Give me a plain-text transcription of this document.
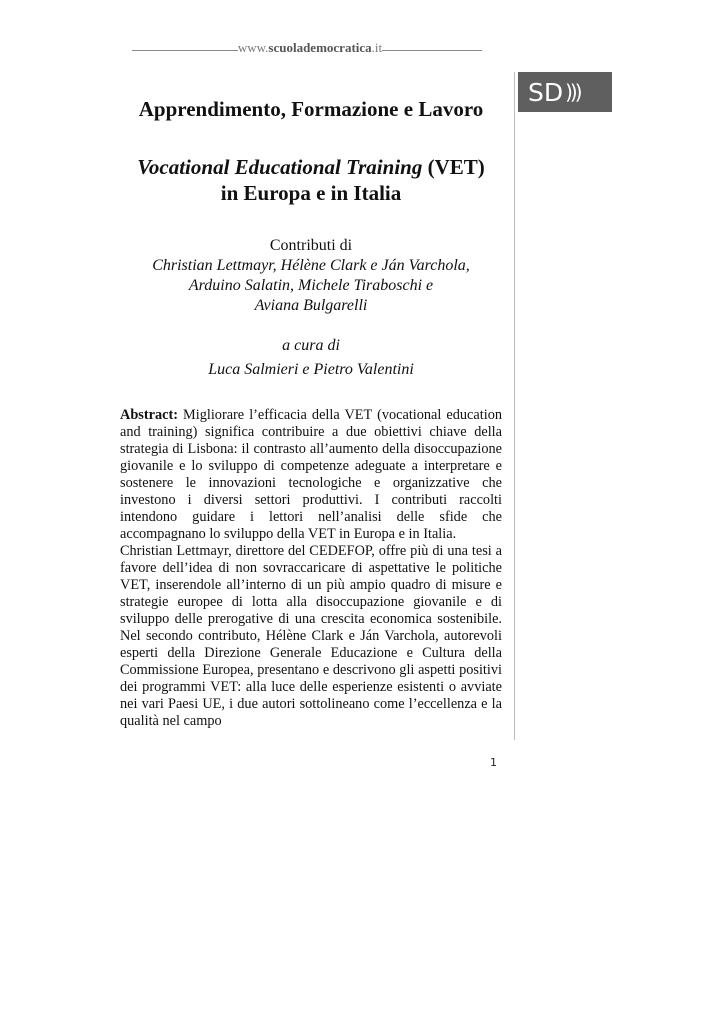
www.scuolademocratica.it
SD )))
Apprendimento, Formazione e Lavoro
Vocational Educational Training (VET)
in Europa e in Italia
Contributi di
Christian Lettmayr, Hélène Clark e Ján Varchola,
Arduino Salatin, Michele Tiraboschi e
Aviana Bulgarelli
a cura di
Luca Salmieri e Pietro Valentini

Abstract: Migliorare l’efficacia della VET (vocational education and training) significa contribuire a due obiettivi chiave della strategia di Lisbona: il contrasto all’aumento della disoccupazione giovanile e lo sviluppo di competenze adeguate a interpretare e sostenere le innovazioni tecnologiche e organizzative che investono i diversi settori produttivi. I contributi raccolti intendono guidare i lettori nell’analisi delle sfide che accompagnano lo sviluppo della VET in Europa e in Italia.

Christian Lettmayr, direttore del CEDEFOP, offre più di una tesi a favore dell’idea di non sovraccaricare di aspettative le politiche VET, inserendole all’interno di un più ampio quadro di misure e strategie europee di lotta alla disoccupazione giovanile e di sviluppo delle prerogative di una crescita economica sostenibile. Nel secondo contributo, Hélène Clark e Ján Varchola, autorevoli esperti della Direzione Generale Educazione e Cultura della Commissione Europea, presentano e descrivono gli aspetti positivi dei programmi VET: alla luce delle esperienze esistenti o avviate nei vari Paesi UE, i due autori sottolineano come l’eccellenza e la qualità nel campo

1
